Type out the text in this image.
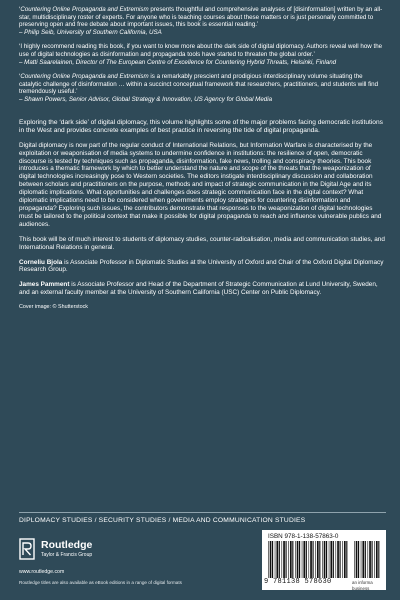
‘Countering Online Propaganda and Extremism presents thoughtful and comprehensive analyses of [disinformation] written by an all-star, multidisciplinary roster of experts. For anyone who is teaching courses about these matters or is just personally committed to preserving open and free debate about important issues, this book is essential reading.’
– Philip Seib, University of Southern California, USA
‘I highly recommend reading this book, if you want to know more about the dark side of digital diplomacy. Authors reveal well how the use of digital technologies as disinformation and propaganda tools have started to threaten the global order.’
– Matti Saarelainen, Director of The European Centre of Excellence for Countering Hybrid Threats, Helsinki, Finland
‘Countering Online Propaganda and Extremism is a remarkably prescient and prodigious interdisciplinary volume situating the catalytic challenge of disinformation … within a succinct conceptual framework that researchers, practitioners, and students will find tremendously useful.’
– Shawn Powers, Senior Advisor, Global Strategy & Innovation, US Agency for Global Media

Exploring the ‘dark side’ of digital diplomacy, this volume highlights some of the major problems facing democratic institutions in the West and provides concrete examples of best practice in reversing the tide of digital propaganda.

Digital diplomacy is now part of the regular conduct of International Relations, but Information Warfare is characterised by the exploitation or weaponisation of media systems to undermine confidence in institutions: the resilience of open, democratic discourse is tested by techniques such as propaganda, disinformation, fake news, trolling and conspiracy theories. This book introduces a thematic framework by which to better understand the nature and scope of the threats that the weaponization of digital technologies increasingly pose to Western societies. The editors instigate interdisciplinary discussion and collaboration between scholars and practitioners on the purpose, methods and impact of strategic communication in the Digital Age and its diplomatic implications. What opportunities and challenges does strategic communication face in the digital context? What diplomatic implications need to be considered when governments employ strategies for countering disinformation and propaganda? Exploring such issues, the contributors demonstrate that responses to the weaponization of digital technologies must be tailored to the political context that make it possible for digital propaganda to reach and influence vulnerable publics and audiences.

This book will be of much interest to students of diplomacy studies, counter-radicalisation, media and communication studies, and International Relations in general.

Corneliu Bjola is Associate Professor in Diplomatic Studies at the University of Oxford and Chair of the Oxford Digital Diplomacy Research Group.

James Pamment is Associate Professor and Head of the Department of Strategic Communication at Lund University, Sweden, and an external faculty member at the University of Southern California (USC) Center on Public Diplomacy.

Cover image: © Shutterstock

DIPLOMACY STUDIES / SECURITY STUDIES / MEDIA AND COMMUNICATION STUDIES
Routledge
Taylor & Francis Group
www.routledge.com
Routledge titles are also available as eBook editions in a range of digital formats
ISBN 978-1-138-57863-0
9 781138 578630	an informa business
